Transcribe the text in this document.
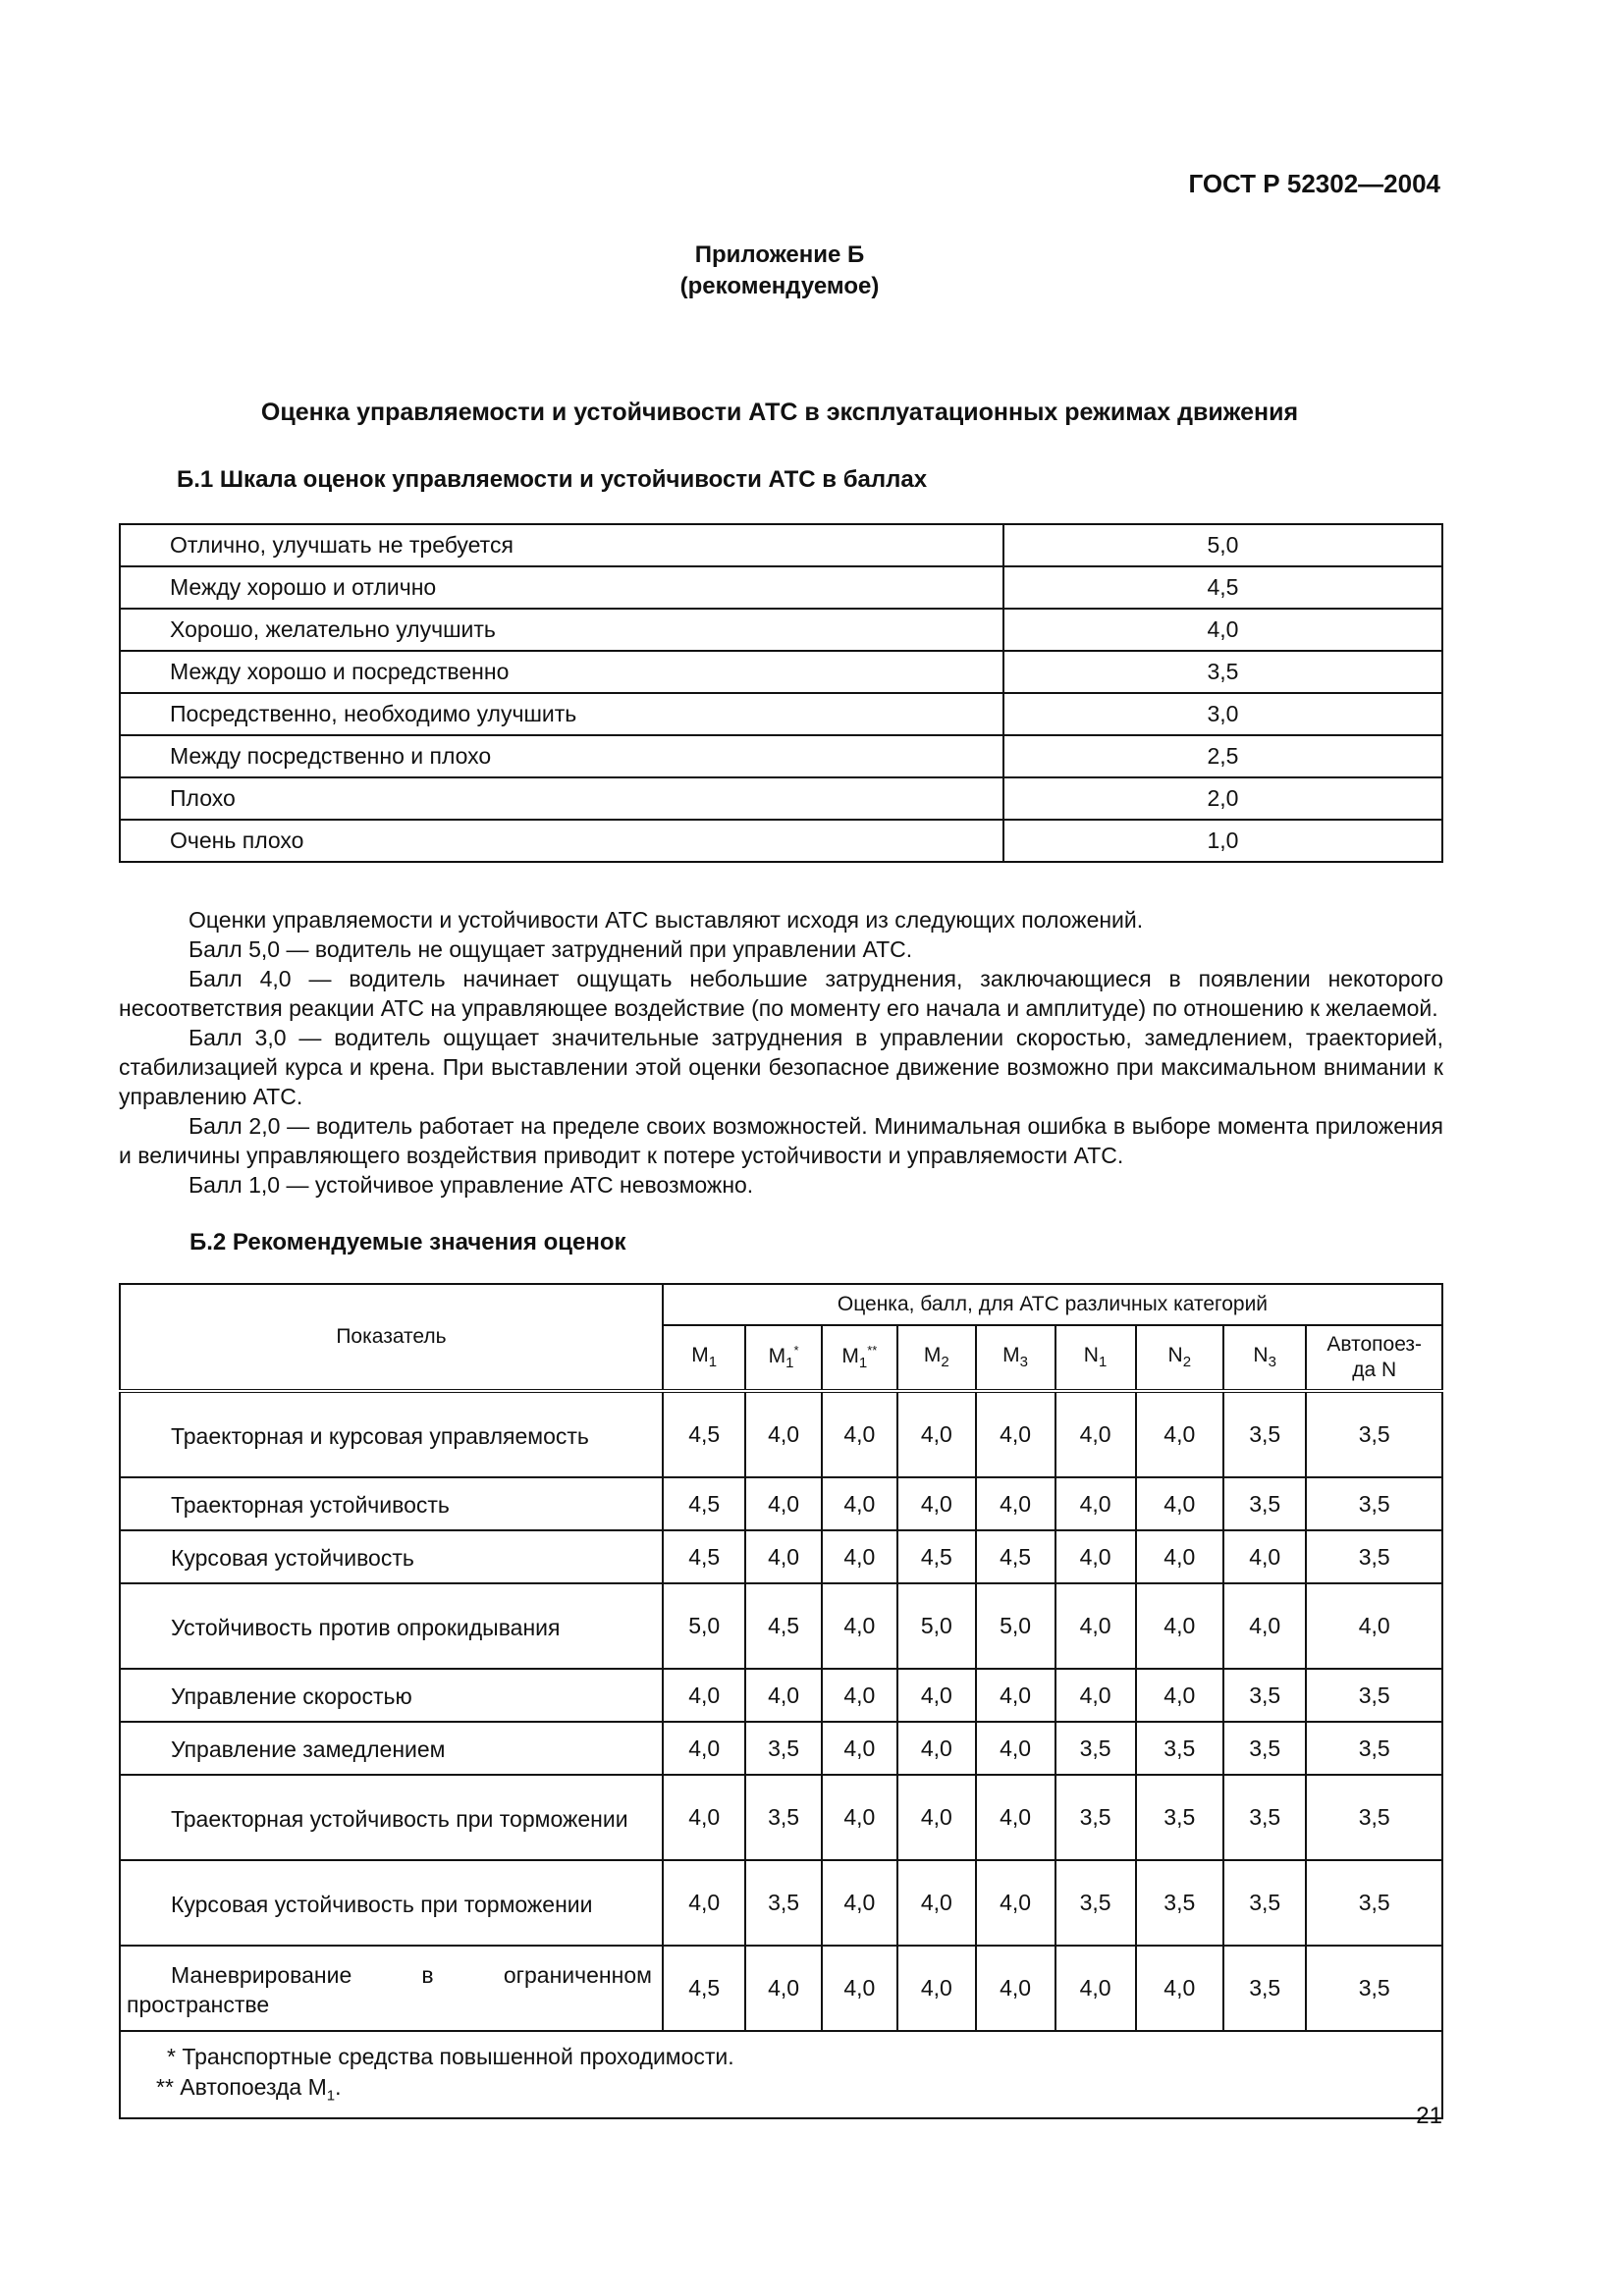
ГОСТ Р 52302—2004
Приложение Б
(рекомендуемое)
Оценка управляемости и устойчивости АТС в эксплуатационных режимах движения
Б.1 Шкала оценок управляемости и устойчивости АТС в баллах
Отлично, улучшать не требуется	5,0
Между хорошо и отлично	4,5
Хорошо, желательно улучшить	4,0
Между хорошо и посредственно	3,5
Посредственно, необходимо улучшить	3,0
Между посредственно и плохо	2,5
Плохо	2,0
Очень плохо	1,0

Оценки управляемости и устойчивости АТС выставляют исходя из следующих положений.

Балл 5,0 — водитель не ощущает затруднений при управлении АТС.

Балл 4,0 — водитель начинает ощущать небольшие затруднения, заключающиеся в появлении некоторого несоответствия реакции АТС на управляющее воздействие (по моменту его начала и амплитуде) по отношению к желаемой.

Балл 3,0 — водитель ощущает значительные затруднения в управлении скоростью, замедлением, траекторией, стабилизацией курса и крена. При выставлении этой оценки безопасное движение возможно при максимальном внимании к управлению АТС.

Балл 2,0 — водитель работает на пределе своих возможностей. Минимальная ошибка в выборе момента приложения и величины управляющего воздействия приводит к потере устойчивости и управляемости АТС.

Балл 1,0 — устойчивое управление АТС невозможно.

Б.2 Рекомендуемые значения оценок
Показатель	Оценка, балл, для АТС различных категорий								
	$M_1$	$M_1^*$	$M_1^{**}$	$M_2$	$M_3$	$N_1$	$N_2$	$N_3$	Автопоез-да N

Траекторная и курсовая управляемость	4,5	4,0	4,0	4,0	4,0	4,0	4,0	3,5	3,5

Траекторная устойчивость	4,5	4,0	4,0	4,0	4,0	4,0	4,0	3,5	3,5

Курсовая устойчивость	4,5	4,0	4,0	4,5	4,5	4,0	4,0	4,0	3,5

Устойчивость против опрокидывания	5,0	4,5	4,0	5,0	5,0	4,0	4,0	4,0	4,0

Управление скоростью	4,0	4,0	4,0	4,0	4,0	4,0	4,0	3,5	3,5

Управление замедлением	4,0	3,5	4,0	4,0	4,0	3,5	3,5	3,5	3,5

Траекторная устойчивость при торможении	4,0	3,5	4,0	4,0	4,0	3,5	3,5	3,5	3,5

Курсовая устойчивость при торможении	4,0	3,5	4,0	4,0	4,0	3,5	3,5	3,5	3,5

Маневрирование в ограниченном пространстве	4,5	4,0	4,0	4,0	4,0	4,0	4,0	3,5	3,5

* Транспортные средства повышенной проходимости.
** Автопоезда $M_1$.									
21
